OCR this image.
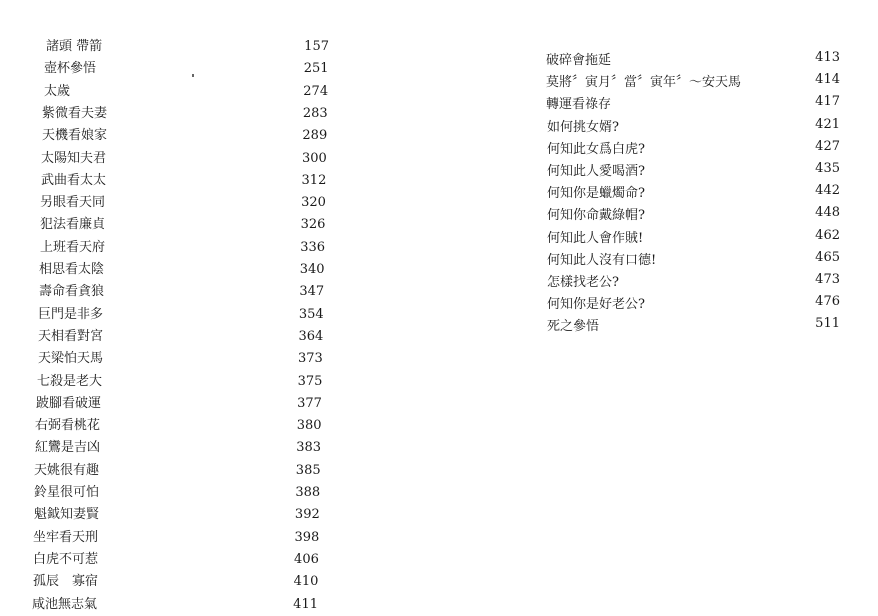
諸頭 帶箭	157
壺杯參悟	251
太歲	274
紫微看夫妻	283
天機看娘家	289
太陽知夫君	300
武曲看太太	312
另眼看天同	320
犯法看廉貞	326
上班看天府	336
相思看太陰	340
壽命看貪狼	347
巨門是非多	354
天相看對宮	364
天梁怕天馬	373
七殺是老大	375
跛腳看破運	377
右弼看桃花	380
紅鸞是吉凶	383
天姚很有趣	385
鈴星很可怕	388
魁鉞知妻賢	392
坐牢看天刑	398
白虎不可惹	406
孤辰　寡宿	410
咸池無志氣	411
破碎會拖延	413
莫將〞寅月〞當〞寅年〞～安天馬	414
轉運看祿存	417
如何挑女婿?	421
何知此女爲白虎?	427
何知此人愛喝酒?	435
何知你是蠟燭命?	442
何知你命戴綠帽?	448
何知此人會作賊!	462
何知此人沒有口德!	465
怎樣找老公?	473
何知你是好老公?	476
死之參悟	511
